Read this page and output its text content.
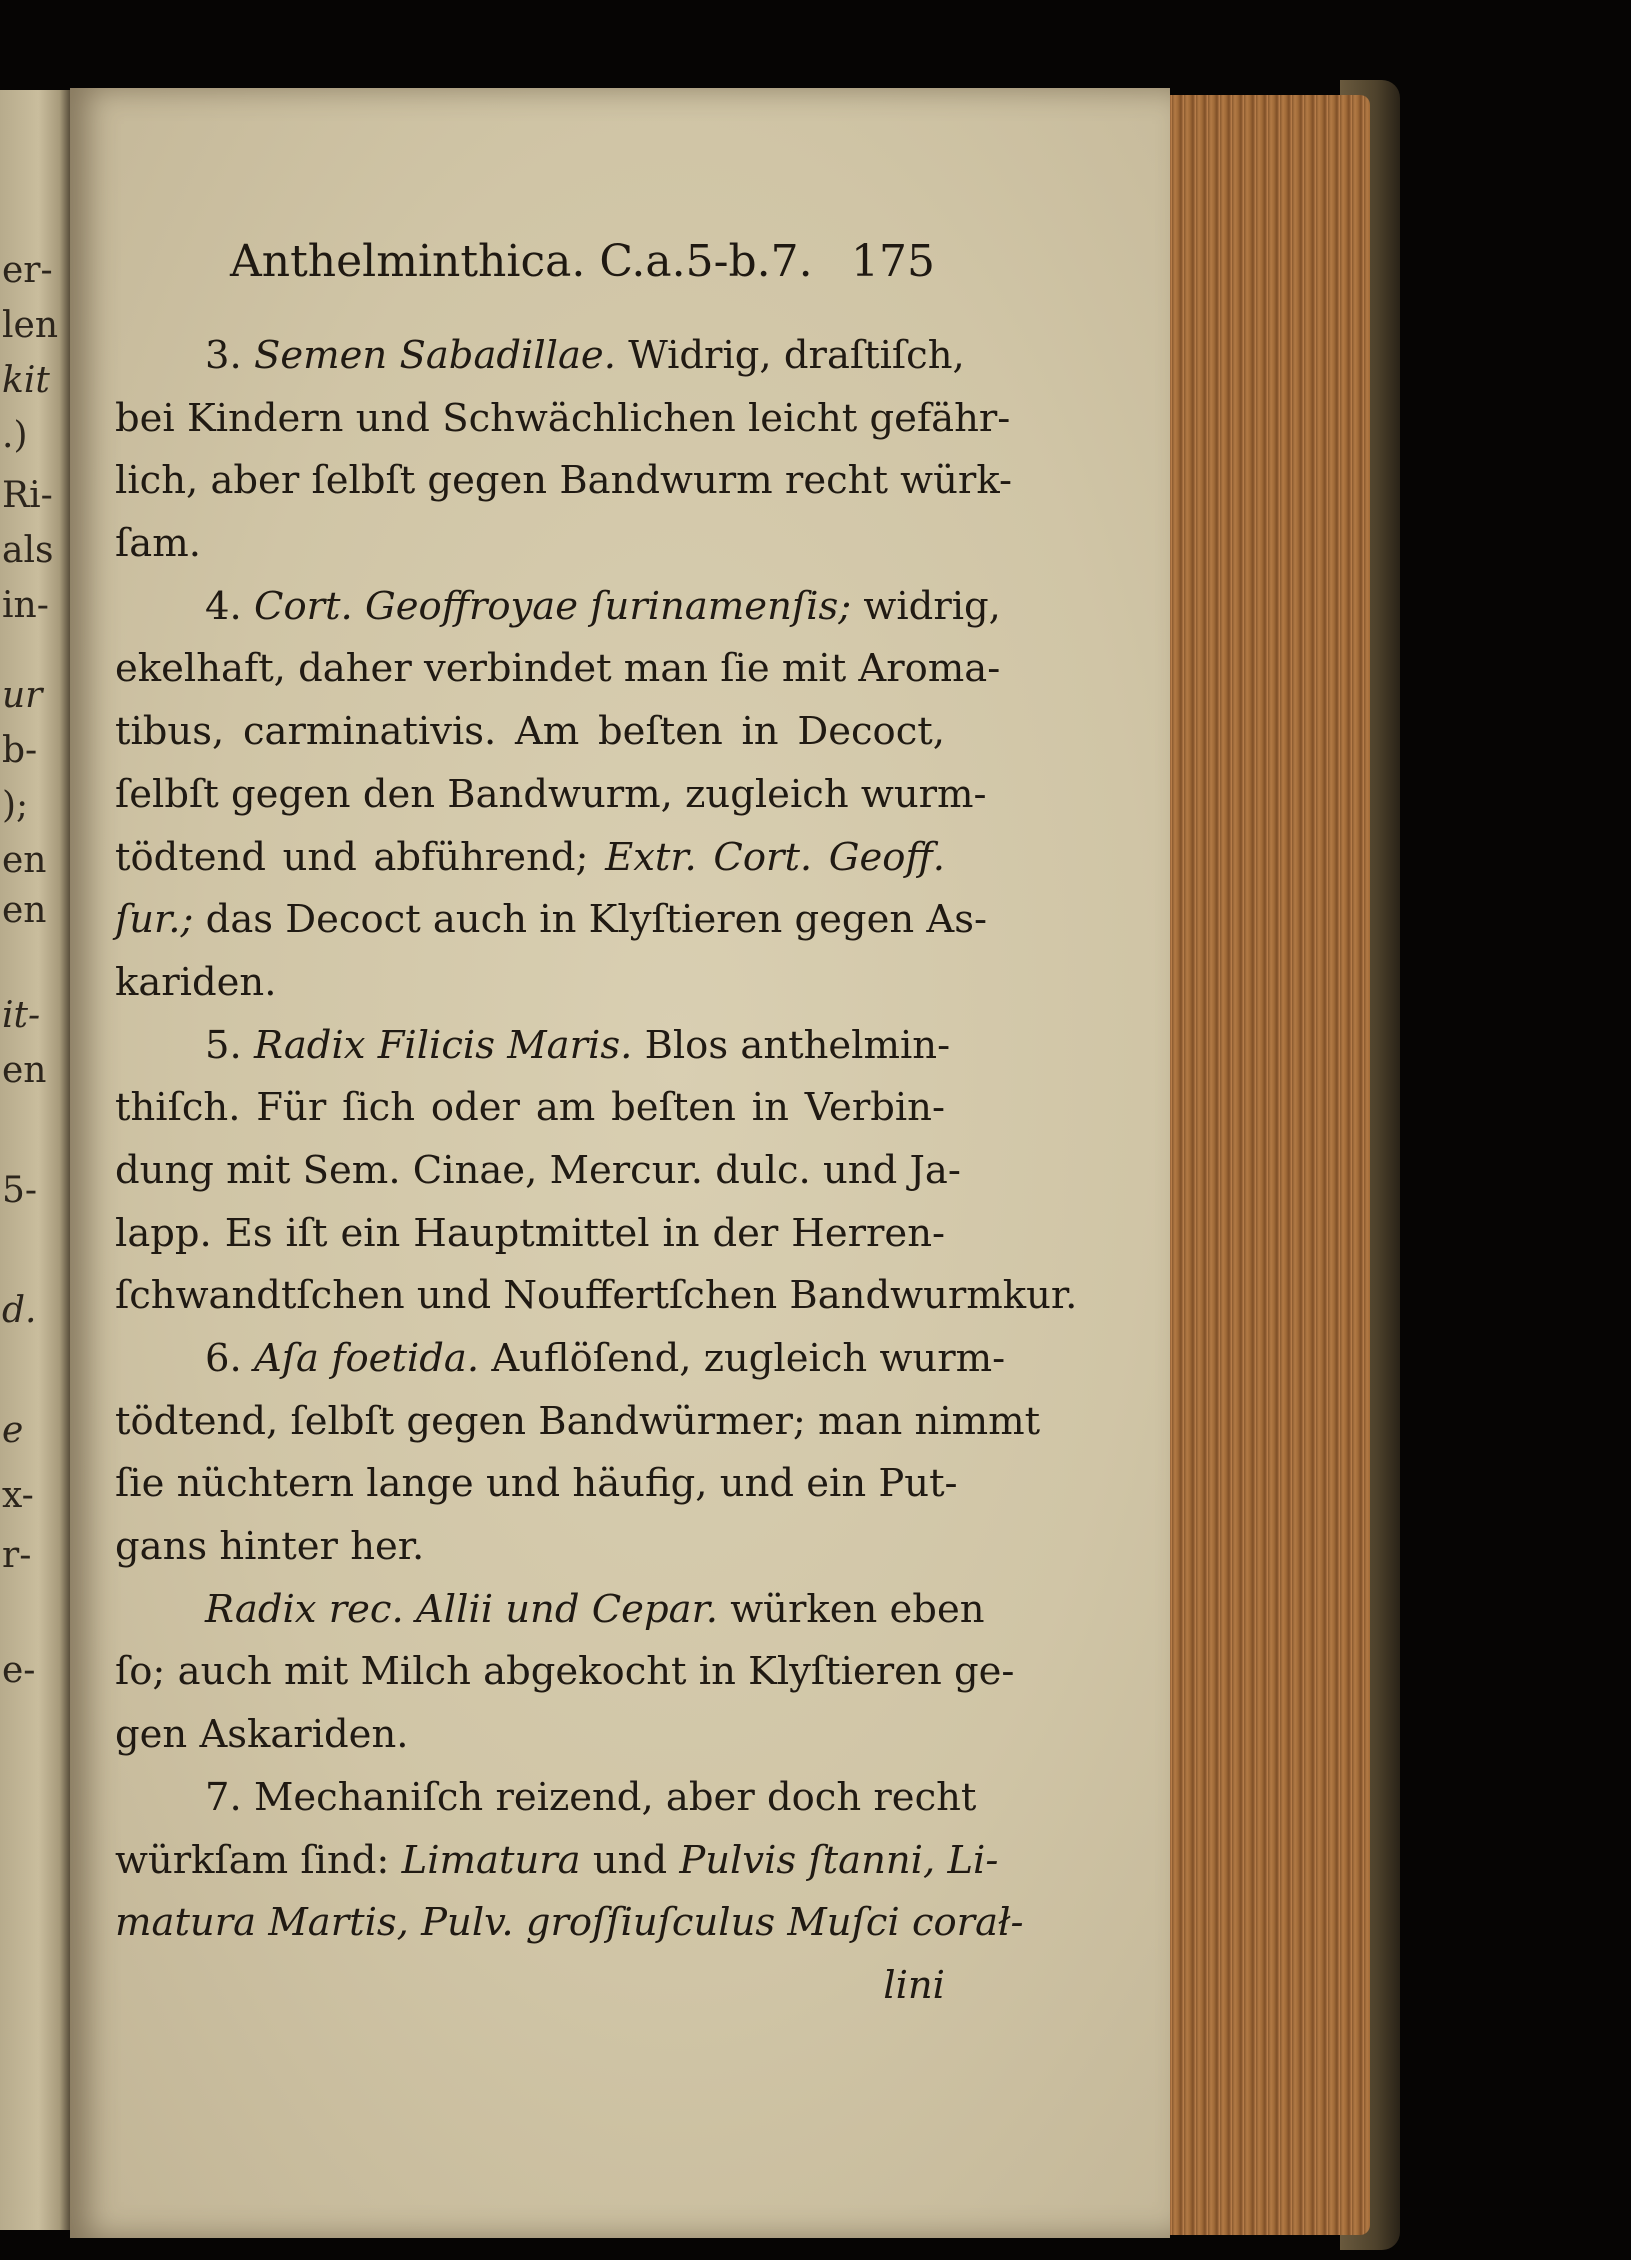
er-
len
kit
.)
Ri-
als
in-
ur
b-
);
en
en
it-
en
5-
d.
e
x-
r-
e-
Anthelminthica. C.a.5-b.7. 175
3. Semen Sabadillae. Widrig, draſtiſch,
bei Kindern und Schwächlichen leicht gefähr-
lich, aber ſelbſt gegen Bandwurm recht würk-
ſam.
4. Cort. Geoffroyae ſurinamenſis; widrig,
ekelhaft, daher verbindet man ſie mit Aroma-
tibus, carminativis. Am beſten in Decoct,
ſelbſt gegen den Bandwurm, zugleich wurm-
tödtend und abführend; Extr. Cort. Geoff.
ſur.; das Decoct auch in Klyſtieren gegen As-
kariden.
5. Radix Filicis Maris. Blos anthelmin-
thiſch. Für ſich oder am beſten in Verbin-
dung mit Sem. Cinae, Mercur. dulc. und Ja-
lapp. Es iſt ein Hauptmittel in der Herren-
ſchwandtſchen und Nouffertſchen Bandwurmkur.
6. Aſa foetida. Auflöſend, zugleich wurm-
tödtend, ſelbſt gegen Bandwürmer; man nimmt
ſie nüchtern lange und häufig, und ein Put-
gans hinter her.
Radix rec. Allii und Cepar. würken eben
ſo; auch mit Milch abgekocht in Klyſtieren ge-
gen Askariden.
7. Mechaniſch reizend, aber doch recht
würkſam ſind: Limatura und Pulvis ſtanni, Li-
matura Martis, Pulv. groſſiuſculus Muſci corał-
lini
